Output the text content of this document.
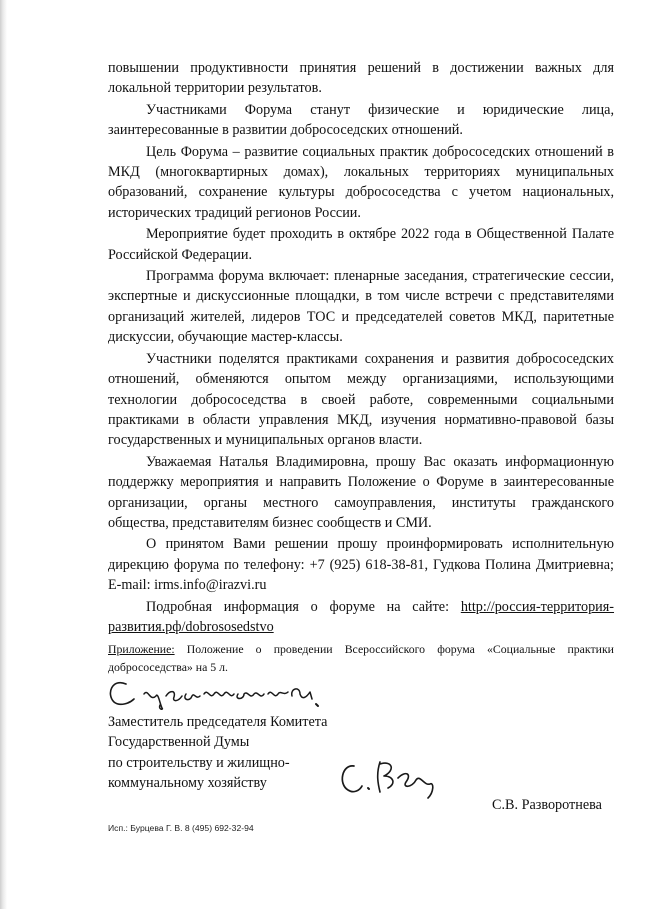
повышении продуктивности принятия решений в достижении важных для локальной территории результатов.

Участниками Форума станут физические и юридические лица, заинтересованные в развитии добрососедских отношений.

Цель Форума – развитие социальных практик добрососедских отношений в МКД (многоквартирных домах), локальных территориях муниципальных образований, сохранение культуры добрососедства с учетом национальных, исторических традиций регионов России.

Мероприятие будет проходить в октябре 2022 года в Общественной Палате Российской Федерации.

Программа форума включает: пленарные заседания, стратегические сессии, экспертные и дискуссионные площадки, в том числе встречи с представителями организаций жителей, лидеров ТОС и председателей советов МКД, паритетные дискуссии, обучающие мастер-классы.

Участники поделятся практиками сохранения и развития добрососедских отношений, обменяются опытом между организациями, использующими технологии добрососедства в своей работе, современными социальными практиками в области управления МКД, изучения нормативно-правовой базы государственных и муниципальных органов власти.

Уважаемая Наталья Владимировна, прошу Вас оказать информационную поддержку мероприятия и направить Положение о Форуме в заинтересованные организации, органы местного самоуправления, институты гражданского общества, представителям бизнес сообществ и СМИ.

О принятом Вами решении прошу проинформировать исполнительную дирекцию форума по телефону: +7 (925) 618-38-81, Гудкова Полина Дмитриевна; E-mail: irms.info@irazvi.ru

Подробная информация о форуме на сайте: http://россия-территория-развития.рф/dobrososedstvo

Приложение: Положение о проведении Всероссийского форума «Социальные практики добрососедства» на 5 л.
Заместитель председателя Комитета
Государственной Думы
по строительству и жилищно-
коммунальному хозяйству
С.В. Разворотнева
Исп.: Бурцева Г. В. 8 (495) 692-32-94
